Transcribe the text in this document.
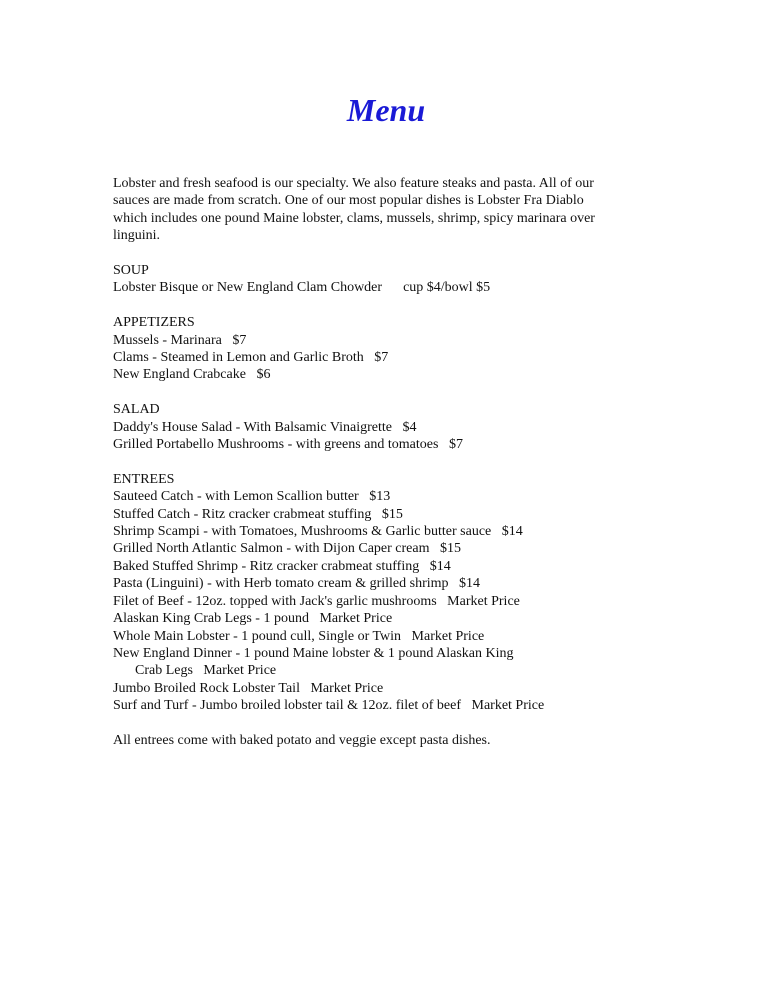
Menu
Lobster and fresh seafood is our specialty. We also feature steaks and pasta. All of our
sauces are made from scratch. One of our most popular dishes is Lobster Fra Diablo
which includes one pound Maine lobster, clams, mussels, shrimp, spicy marinara over
linguini.
SOUP
Lobster Bisque or New England Clam Chowder      cup $4/bowl $5
APPETIZERS
Mussels - Marinara   $7
Clams - Steamed in Lemon and Garlic Broth   $7
New England Crabcake   $6
SALAD
Daddy's House Salad - With Balsamic Vinaigrette   $4
Grilled Portabello Mushrooms - with greens and tomatoes   $7
ENTREES
Sauteed Catch - with Lemon Scallion butter   $13
Stuffed Catch - Ritz cracker crabmeat stuffing   $15
Shrimp Scampi - with Tomatoes, Mushrooms & Garlic butter sauce   $14
Grilled North Atlantic Salmon - with Dijon Caper cream   $15
Baked Stuffed Shrimp - Ritz cracker crabmeat stuffing   $14
Pasta (Linguini) - with Herb tomato cream & grilled shrimp   $14
Filet of Beef - 12oz. topped with Jack's garlic mushrooms   Market Price
Alaskan King Crab Legs - 1 pound   Market Price
Whole Main Lobster - 1 pound cull, Single or Twin   Market Price
New England Dinner - 1 pound Maine lobster & 1 pound Alaskan King
Crab Legs   Market Price
Jumbo Broiled Rock Lobster Tail   Market Price
Surf and Turf - Jumbo broiled lobster tail & 12oz. filet of beef   Market Price
All entrees come with baked potato and veggie except pasta dishes.
